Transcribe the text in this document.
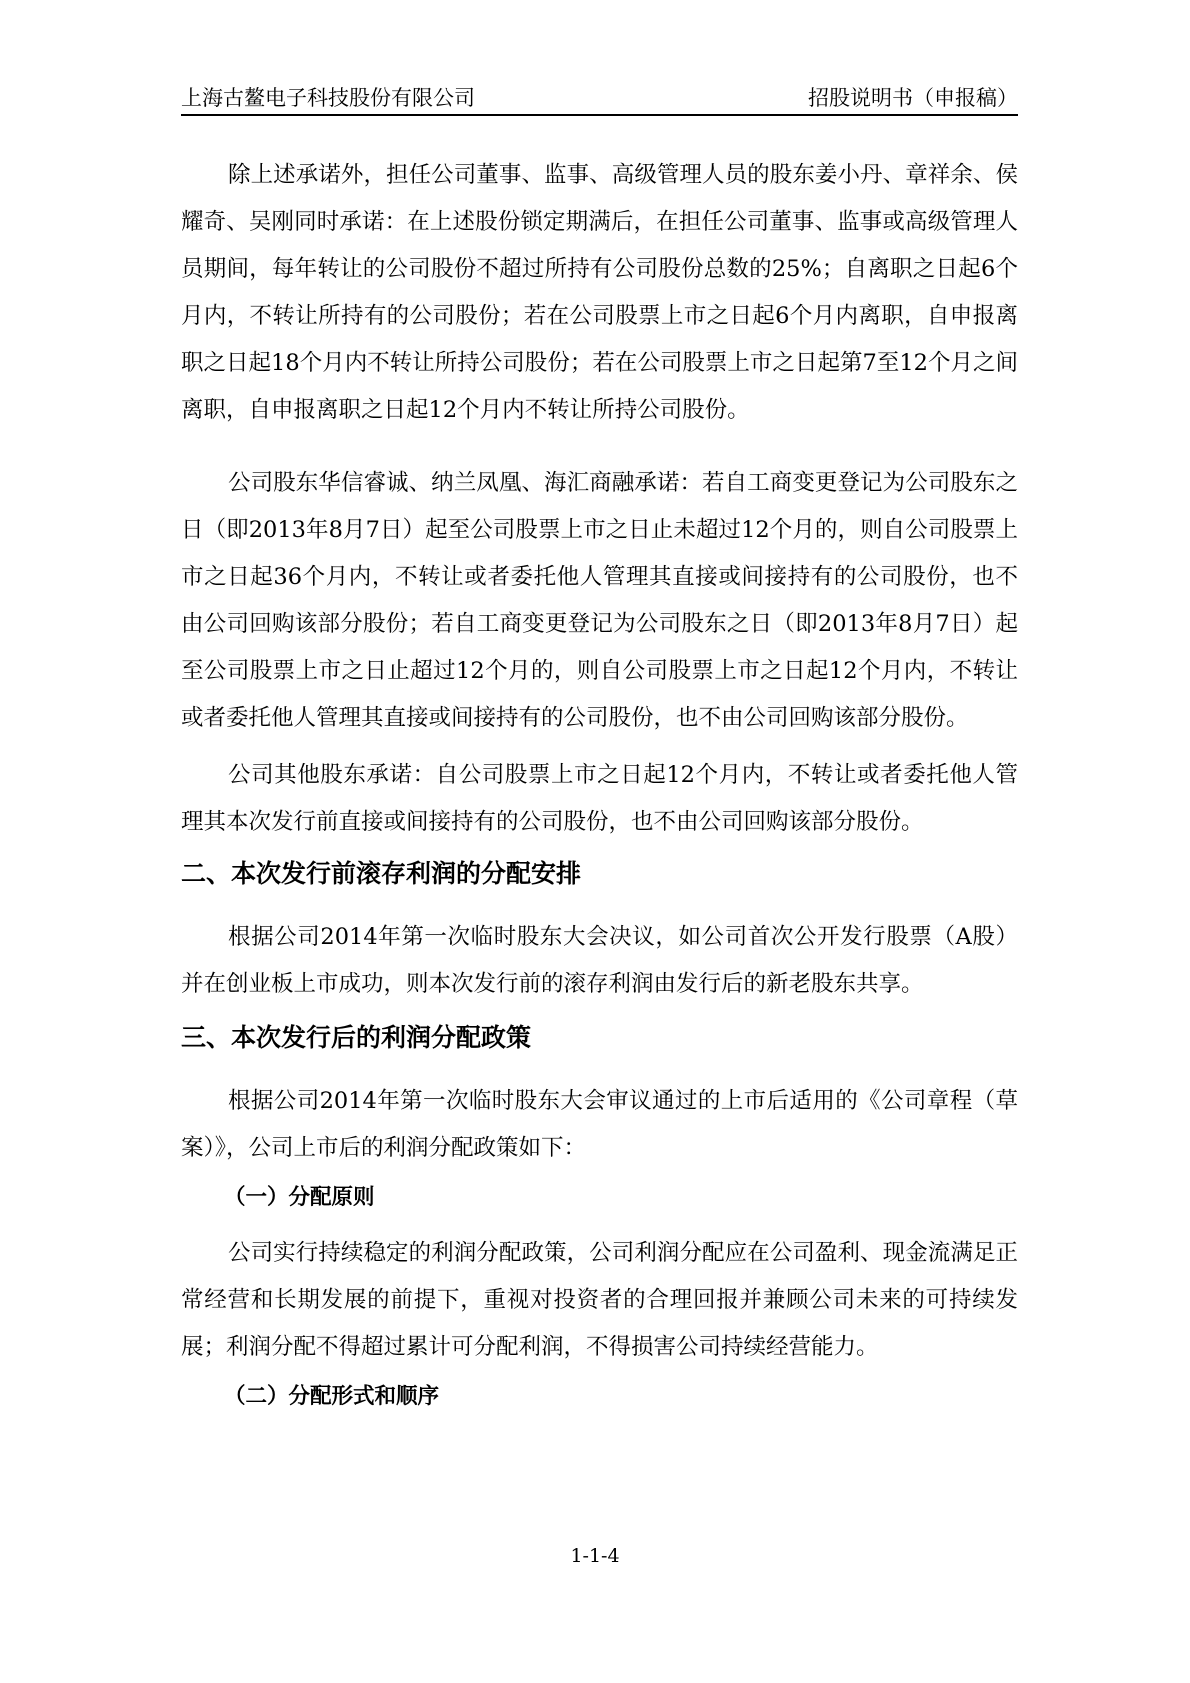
上海古鳌电子科技股份有限公司	招股说明书（申报稿）

除上述承诺外，担任公司董事、监事、高级管理人员的股东姜小丹、章祥余、侯耀奇、吴刚同时承诺：在上述股份锁定期满后，在担任公司董事、监事或高级管理人员期间，每年转让的公司股份不超过所持有公司股份总数的25%；自离职之日起6个月内，不转让所持有的公司股份；若在公司股票上市之日起6个月内离职，自申报离职之日起18个月内不转让所持公司股份；若在公司股票上市之日起第7至12个月之间离职，自申报离职之日起12个月内不转让所持公司股份。

公司股东华信睿诚、纳兰凤凰、海汇商融承诺：若自工商变更登记为公司股东之日（即2013年8月7日）起至公司股票上市之日止未超过12个月的，则自公司股票上市之日起36个月内，不转让或者委托他人管理其直接或间接持有的公司股份，也不由公司回购该部分股份；若自工商变更登记为公司股东之日（即2013年8月7日）起至公司股票上市之日止超过12个月的，则自公司股票上市之日起12个月内，不转让或者委托他人管理其直接或间接持有的公司股份，也不由公司回购该部分股份。

公司其他股东承诺：自公司股票上市之日起12个月内，不转让或者委托他人管理其本次发行前直接或间接持有的公司股份，也不由公司回购该部分股份。

二、本次发行前滚存利润的分配安排

根据公司2014年第一次临时股东大会决议，如公司首次公开发行股票（A股）并在创业板上市成功，则本次发行前的滚存利润由发行后的新老股东共享。

三、本次发行后的利润分配政策

根据公司2014年第一次临时股东大会审议通过的上市后适用的《公司章程（草案）》，公司上市后的利润分配政策如下：

（一）分配原则

公司实行持续稳定的利润分配政策，公司利润分配应在公司盈利、现金流满足正常经营和长期发展的前提下，重视对投资者的合理回报并兼顾公司未来的可持续发展；利润分配不得超过累计可分配利润，不得损害公司持续经营能力。

（二）分配形式和顺序
1-1-4
